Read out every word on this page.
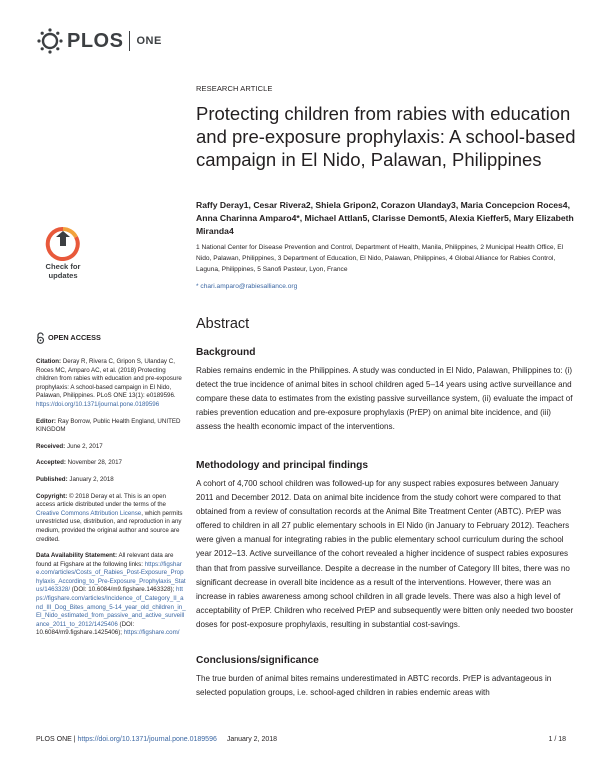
PLOS ONE
RESEARCH ARTICLE
Protecting children from rabies with education and pre-exposure prophylaxis: A school-based campaign in El Nido, Palawan, Philippines
Raffy Deray1, Cesar Rivera2, Shiela Gripon2, Corazon Ulanday3, Maria Concepcion Roces4, Anna Charinna Amparo4*, Michael Attlan5, Clarisse Demont5, Alexia Kieffer5, Mary Elizabeth Miranda4
1 National Center for Disease Prevention and Control, Department of Health, Manila, Philippines, 2 Municipal Health Office, El Nido, Palawan, Philippines, 3 Department of Education, El Nido, Palawan, Philippines, 4 Global Alliance for Rabies Control, Laguna, Philippines, 5 Sanofi Pasteur, Lyon, France
* chari.amparo@rabiesalliance.org
Check for
updates
OPEN ACCESS
Citation: Deray R, Rivera C, Gripon S, Ulanday C, Roces MC, Amparo AC, et al. (2018) Protecting children from rabies with education and pre-exposure prophylaxis: A school-based campaign in El Nido, Palawan, Philippines. PLoS ONE 13(1): e0189596. https://doi.org/10.1371/journal.pone.0189596
Editor: Ray Borrow, Public Health England, UNITED KINGDOM
Received: June 2, 2017
Accepted: November 28, 2017
Published: January 2, 2018
Copyright: © 2018 Deray et al. This is an open access article distributed under the terms of the Creative Commons Attribution License, which permits unrestricted use, distribution, and reproduction in any medium, provided the original author and source are credited.
Data Availability Statement: All relevant data are found at Figshare at the following links: https://figshare.com/articles/Costs_of_Rabies_Post-Exposure_Prophylaxis_According_to_Pre-Exposure_Prophylaxis_Status/1463328/ (DOI: 10.6084/m9.figshare.1463328); https://figshare.com/articles/Incidence_of_Category_II_and_III_Dog_Bites_among_5-14_year_old_children_in_El_Nido_estimated_from_passive_and_active_surveillance_2011_to_2012/1425406 (DOI: 10.6084/m9.figshare.1425406); https://figshare.com/
Abstract
Background
Rabies remains endemic in the Philippines. A study was conducted in El Nido, Palawan, Philippines to: (i) detect the true incidence of animal bites in school children aged 5–14 years using active surveillance and compare these data to estimates from the existing passive surveillance system, (ii) evaluate the impact of rabies prevention education and pre-exposure prophylaxis (PrEP) on animal bite incidence, and (iii) assess the health economic impact of the interventions.
Methodology and principal findings
A cohort of 4,700 school children was followed-up for any suspect rabies exposures between January 2011 and December 2012. Data on animal bite incidence from the study cohort were compared to that obtained from a review of consultation records at the Animal Bite Treatment Center (ABTC). PrEP was offered to children in all 27 public elementary schools in El Nido (in January to February 2012). Teachers were given a manual for integrating rabies in the public elementary school curriculum during the school year 2012–13. Active surveillance of the cohort revealed a higher incidence of suspect rabies exposures than that from passive surveillance. Despite a decrease in the number of Category III bites, there was no significant decrease in overall bite incidence as a result of the interventions. However, there was an increase in rabies awareness among school children in all grade levels. There was also a high level of acceptability of PrEP. Children who received PrEP and subsequently were bitten only needed two booster doses for post-exposure prophylaxis, resulting in substantial cost-savings.
Conclusions/significance
The true burden of animal bites remains underestimated in ABTC records. PrEP is advantageous in selected population groups, i.e. school-aged children in rabies endemic areas with
PLOS ONE | https://doi.org/10.1371/journal.pone.0189596 January 2, 2018	1 / 18
